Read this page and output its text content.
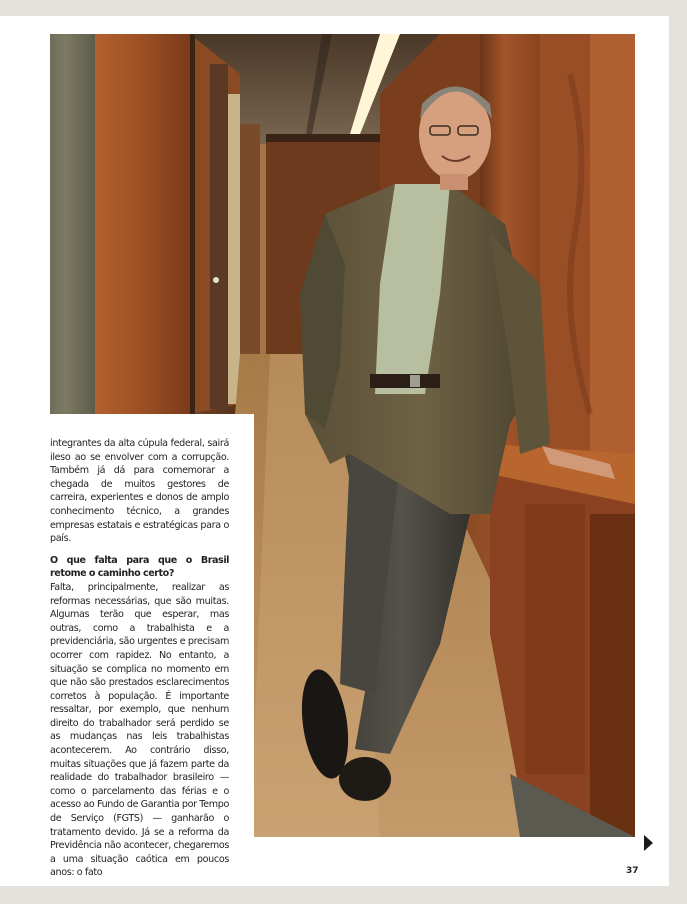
integrantes da alta cúpula federal, sairá ileso ao se envolver com a corrupção. Também já dá para comemorar a chegada de muitos gestores de carreira, experientes e donos de amplo conhecimento técnico, a grandes empresas estatais e estratégicas para o país.

O que falta para que o Brasil retome o caminho certo?

Falta, principalmente, realizar as reformas necessárias, que são muitas. Algumas terão que esperar, mas outras, como a trabalhista e a previdenciária, são urgentes e precisam ocorrer com rapidez. No entanto, a situação se complica no momento em que não são prestados esclarecimentos corretos à população. É importante ressaltar, por exemplo, que nenhum direito do trabalhador será perdido se as mudanças nas leis trabalhistas acontecerem. Ao contrário disso, muitas situações que já fazem parte da realidade do trabalhador brasileiro — como o parcelamento das férias e o acesso ao Fundo de Garantia por Tempo de Serviço (FGTS) — ganharão o tratamento devido. Já se a reforma da Previdência não acontecer, chegaremos a uma situação caótica em poucos anos: o fato	37
